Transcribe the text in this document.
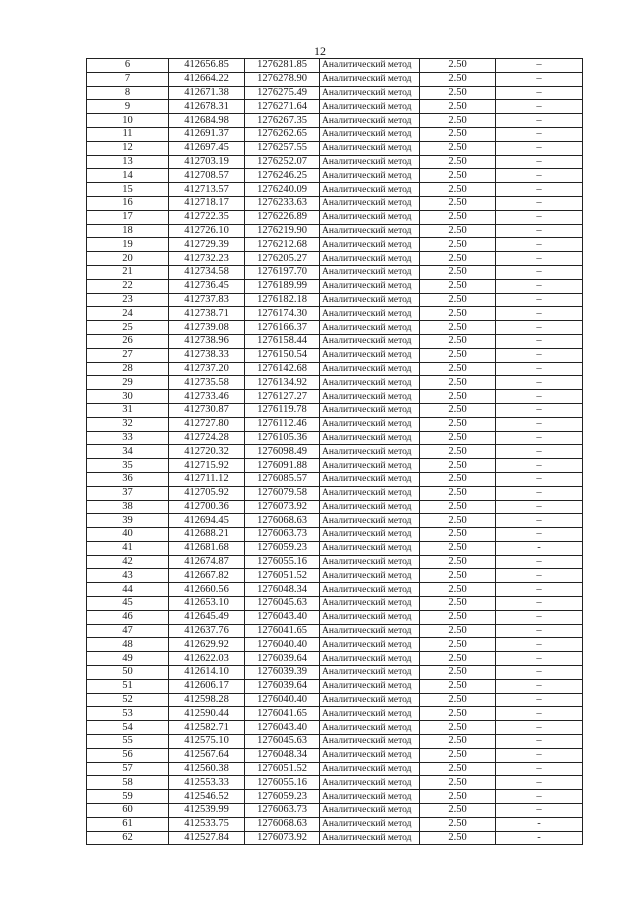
12
6	412656.85	1276281.85	Аналитический метод	2.50	–
7	412664.22	1276278.90	Аналитический метод	2.50	–
8	412671.38	1276275.49	Аналитический метод	2.50	–
9	412678.31	1276271.64	Аналитический метод	2.50	–
10	412684.98	1276267.35	Аналитический метод	2.50	–
11	412691.37	1276262.65	Аналитический метод	2.50	–
12	412697.45	1276257.55	Аналитический метод	2.50	–
13	412703.19	1276252.07	Аналитический метод	2.50	–
14	412708.57	1276246.25	Аналитический метод	2.50	–
15	412713.57	1276240.09	Аналитический метод	2.50	–
16	412718.17	1276233.63	Аналитический метод	2.50	–
17	412722.35	1276226.89	Аналитический метод	2.50	–
18	412726.10	1276219.90	Аналитический метод	2.50	–
19	412729.39	1276212.68	Аналитический метод	2.50	–
20	412732.23	1276205.27	Аналитический метод	2.50	–
21	412734.58	1276197.70	Аналитический метод	2.50	–
22	412736.45	1276189.99	Аналитический метод	2.50	–
23	412737.83	1276182.18	Аналитический метод	2.50	–
24	412738.71	1276174.30	Аналитический метод	2.50	–
25	412739.08	1276166.37	Аналитический метод	2.50	–
26	412738.96	1276158.44	Аналитический метод	2.50	–
27	412738.33	1276150.54	Аналитический метод	2.50	–
28	412737.20	1276142.68	Аналитический метод	2.50	–
29	412735.58	1276134.92	Аналитический метод	2.50	–
30	412733.46	1276127.27	Аналитический метод	2.50	–
31	412730.87	1276119.78	Аналитический метод	2.50	–
32	412727.80	1276112.46	Аналитический метод	2.50	–
33	412724.28	1276105.36	Аналитический метод	2.50	–
34	412720.32	1276098.49	Аналитический метод	2.50	–
35	412715.92	1276091.88	Аналитический метод	2.50	–
36	412711.12	1276085.57	Аналитический метод	2.50	–
37	412705.92	1276079.58	Аналитический метод	2.50	–
38	412700.36	1276073.92	Аналитический метод	2.50	–
39	412694.45	1276068.63	Аналитический метод	2.50	–
40	412688.21	1276063.73	Аналитический метод	2.50	–
41	412681.68	1276059.23	Аналитический метод	2.50	-
42	412674.87	1276055.16	Аналитический метод	2.50	–
43	412667.82	1276051.52	Аналитический метод	2.50	–
44	412660.56	1276048.34	Аналитический метод	2.50	–
45	412653.10	1276045.63	Аналитический метод	2.50	–
46	412645.49	1276043.40	Аналитический метод	2.50	–
47	412637.76	1276041.65	Аналитический метод	2.50	–
48	412629.92	1276040.40	Аналитический метод	2.50	–
49	412622.03	1276039.64	Аналитический метод	2.50	–
50	412614.10	1276039.39	Аналитический метод	2.50	–
51	412606.17	1276039.64	Аналитический метод	2.50	–
52	412598.28	1276040.40	Аналитический метод	2.50	–
53	412590.44	1276041.65	Аналитический метод	2.50	–
54	412582.71	1276043.40	Аналитический метод	2.50	–
55	412575.10	1276045.63	Аналитический метод	2.50	–
56	412567.64	1276048.34	Аналитический метод	2.50	–
57	412560.38	1276051.52	Аналитический метод	2.50	–
58	412553.33	1276055.16	Аналитический метод	2.50	–
59	412546.52	1276059.23	Аналитический метод	2.50	–
60	412539.99	1276063.73	Аналитический метод	2.50	–
61	412533.75	1276068.63	Аналитический метод	2.50	-
62	412527.84	1276073.92	Аналитический метод	2.50	-
